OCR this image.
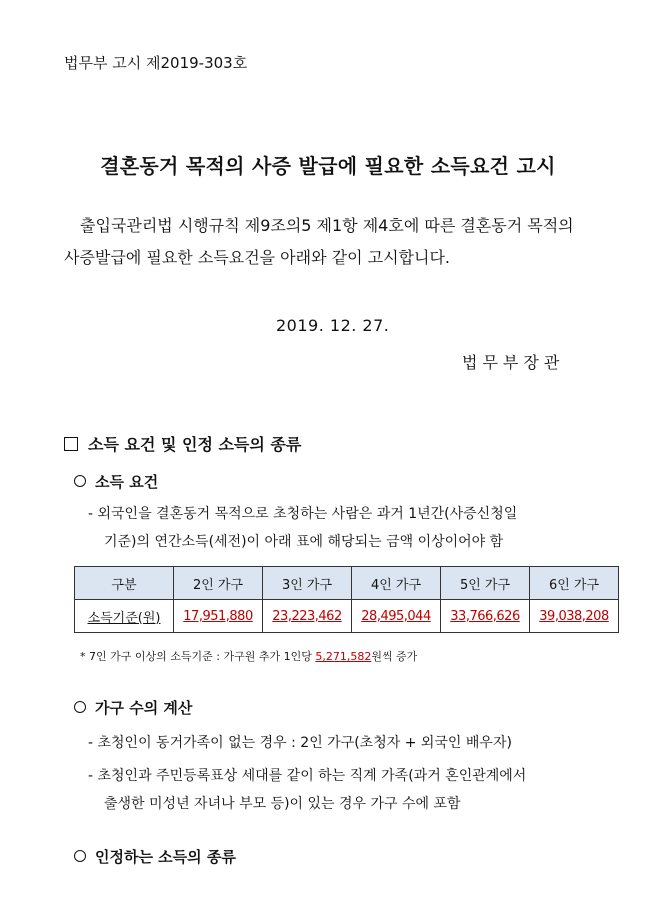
법무부 고시 제2019-303호
결혼동거 목적의 사증 발급에 필요한 소득요건 고시
출입국관리법 시행규칙 제9조의5 제1항 제4호에 따른 결혼동거 목적의
사증발급에 필요한 소득요건을 아래와 같이 고시합니다.
2019. 12. 27.
법무부장관
소득 요건 및 인정 소득의 종류
소득 요건
- 외국인을 결혼동거 목적으로 초청하는 사람은 과거 1년간(사증신청일
기준)의 연간소득(세전)이 아래 표에 해당되는 금액 이상이어야 함
구분	2인 가구	3인 가구	4인 가구	5인 가구	6인 가구
소득기준(원)	17,951,880	23,223,462	28,495,044	33,766,626	39,038,208
* 7인 가구 이상의 소득기준 : 가구원 추가 1인당 5,271,582원씩 증가
가구 수의 계산
- 초청인이 동거가족이 없는 경우 : 2인 가구(초청자 + 외국인 배우자)
- 초청인과 주민등록표상 세대를 같이 하는 직계 가족(과거 혼인관계에서
출생한 미성년 자녀나 부모 등)이 있는 경우 가구 수에 포함
인정하는 소득의 종류
